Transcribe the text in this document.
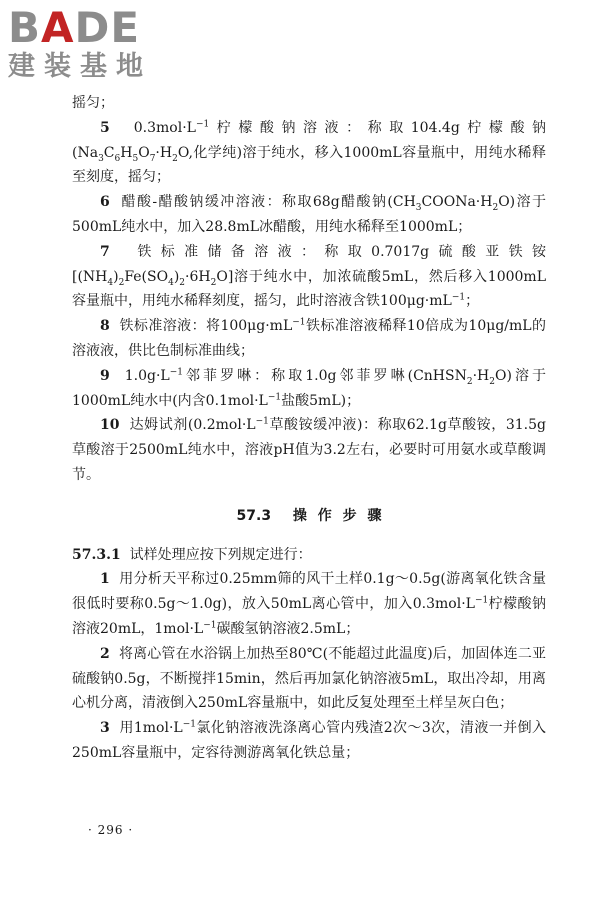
BADE
建装基地

摇匀；

5 $0.3mol\cdot L^{-1}$柠檬酸钠溶液：称取104.4g柠檬酸钠($Na_3C_6H_5O_7\cdot H_2O$,化学纯)溶于纯水，移入1000mL容量瓶中，用纯水稀释至刻度，摇匀；

6 醋酸-醋酸钠缓冲溶液：称取68g醋酸钠$(CH_3COONa\cdot H_2O)$溶于500mL纯水中，加入28.8mL冰醋酸，用纯水稀释至1000mL；

7 铁标准储备溶液：称取0.7017g硫酸亚铁铵$[(NH_4)_2Fe(SO_4)_2\cdot 6H_2O]$溶于纯水中，加浓硫酸5mL，然后移入1000mL容量瓶中，用纯水稀释刻度，摇匀，此时溶液含铁$100\mu g\cdot mL^{-1}$；

8 铁标准溶液：将$100\mu g\cdot mL^{-1}$铁标准溶液稀释10倍成为10μg/mL的溶液液，供比色制标准曲线；

9 $1.0g\cdot L^{-1}$邻菲罗啉：称取1.0g邻菲罗啉$(CnHSN_2\cdot H_2O)$溶于1000mL纯水中(内含$0.1mol\cdot L^{-1}$盐酸5mL)；

10 达姆试剂($0.2mol\cdot L^{-1}$草酸铵缓冲液)：称取62.1g草酸铵，31.5g草酸溶于2500mL纯水中，溶液pH值为3.2左右，必要时可用氨水或草酸调节。

57.3 操 作 步 骤

57.3.1 试样处理应按下列规定进行：

1 用分析天平称过0.25mm筛的风干土样0.1g～0.5g(游离氧化铁含量很低时要称0.5g～1.0g)，放入50mL离心管中，加入$0.3mol\cdot L^{-1}$柠檬酸钠溶液20mL，$1mol\cdot L^{-1}$碳酸氢钠溶液2.5mL；

2 将离心管在水浴锅上加热至80℃(不能超过此温度)后，加固体连二亚硫酸钠0.5g，不断搅拌15min，然后再加氯化钠溶液5mL，取出冷却，用离心机分离，清液倒入250mL容量瓶中，如此反复处理至土样呈灰白色；

3 用$1mol\cdot L^{-1}$氯化钠溶液洗涤离心管内残渣2次～3次，清液一并倒入250mL容量瓶中，定容待测游离氧化铁总量；

· 296 ·
